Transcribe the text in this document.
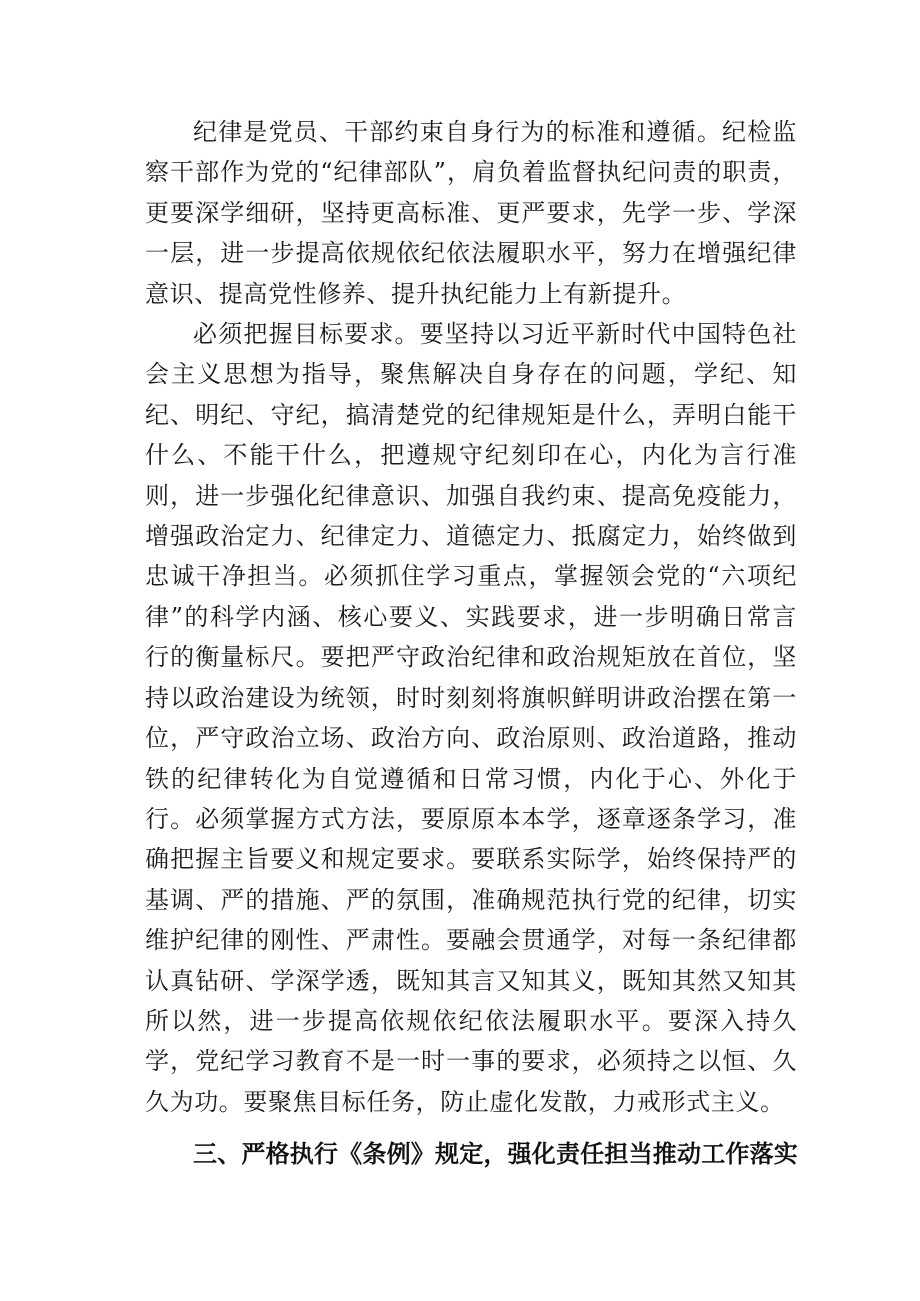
纪律是党员、干部约束自身行为的标准和遵循。纪检监察干部作为党的“纪律部队”，肩负着监督执纪问责的职责，更要深学细研，坚持更高标准、更严要求，先学一步、学深一层，进一步提高依规依纪依法履职水平，努力在增强纪律意识、提高党性修养、提升执纪能力上有新提升。

必须把握目标要求。要坚持以习近平新时代中国特色社会主义思想为指导，聚焦解决自身存在的问题，学纪、知纪、明纪、守纪，搞清楚党的纪律规矩是什么，弄明白能干什么、不能干什么，把遵规守纪刻印在心，内化为言行准则，进一步强化纪律意识、加强自我约束、提高免疫能力，增强政治定力、纪律定力、道德定力、抵腐定力，始终做到忠诚干净担当。必须抓住学习重点，掌握领会党的“六项纪律”的科学内涵、核心要义、实践要求，进一步明确日常言行的衡量标尺。要把严守政治纪律和政治规矩放在首位，坚持以政治建设为统领，时时刻刻将旗帜鲜明讲政治摆在第一位，严守政治立场、政治方向、政治原则、政治道路，推动铁的纪律转化为自觉遵循和日常习惯，内化于心、外化于行。必须掌握方式方法，要原原本本学，逐章逐条学习，准确把握主旨要义和规定要求。要联系实际学，始终保持严的基调、严的措施、严的氛围，准确规范执行党的纪律，切实维护纪律的刚性、严肃性。要融会贯通学，对每一条纪律都认真钻研、学深学透，既知其言又知其义，既知其然又知其所以然，进一步提高依规依纪依法履职水平。要深入持久学，党纪学习教育不是一时一事的要求，必须持之以恒、久久为功。要聚焦目标任务，防止虚化发散，力戒形式主义。

三、严格执行《条例》规定，强化责任担当推动工作落实
